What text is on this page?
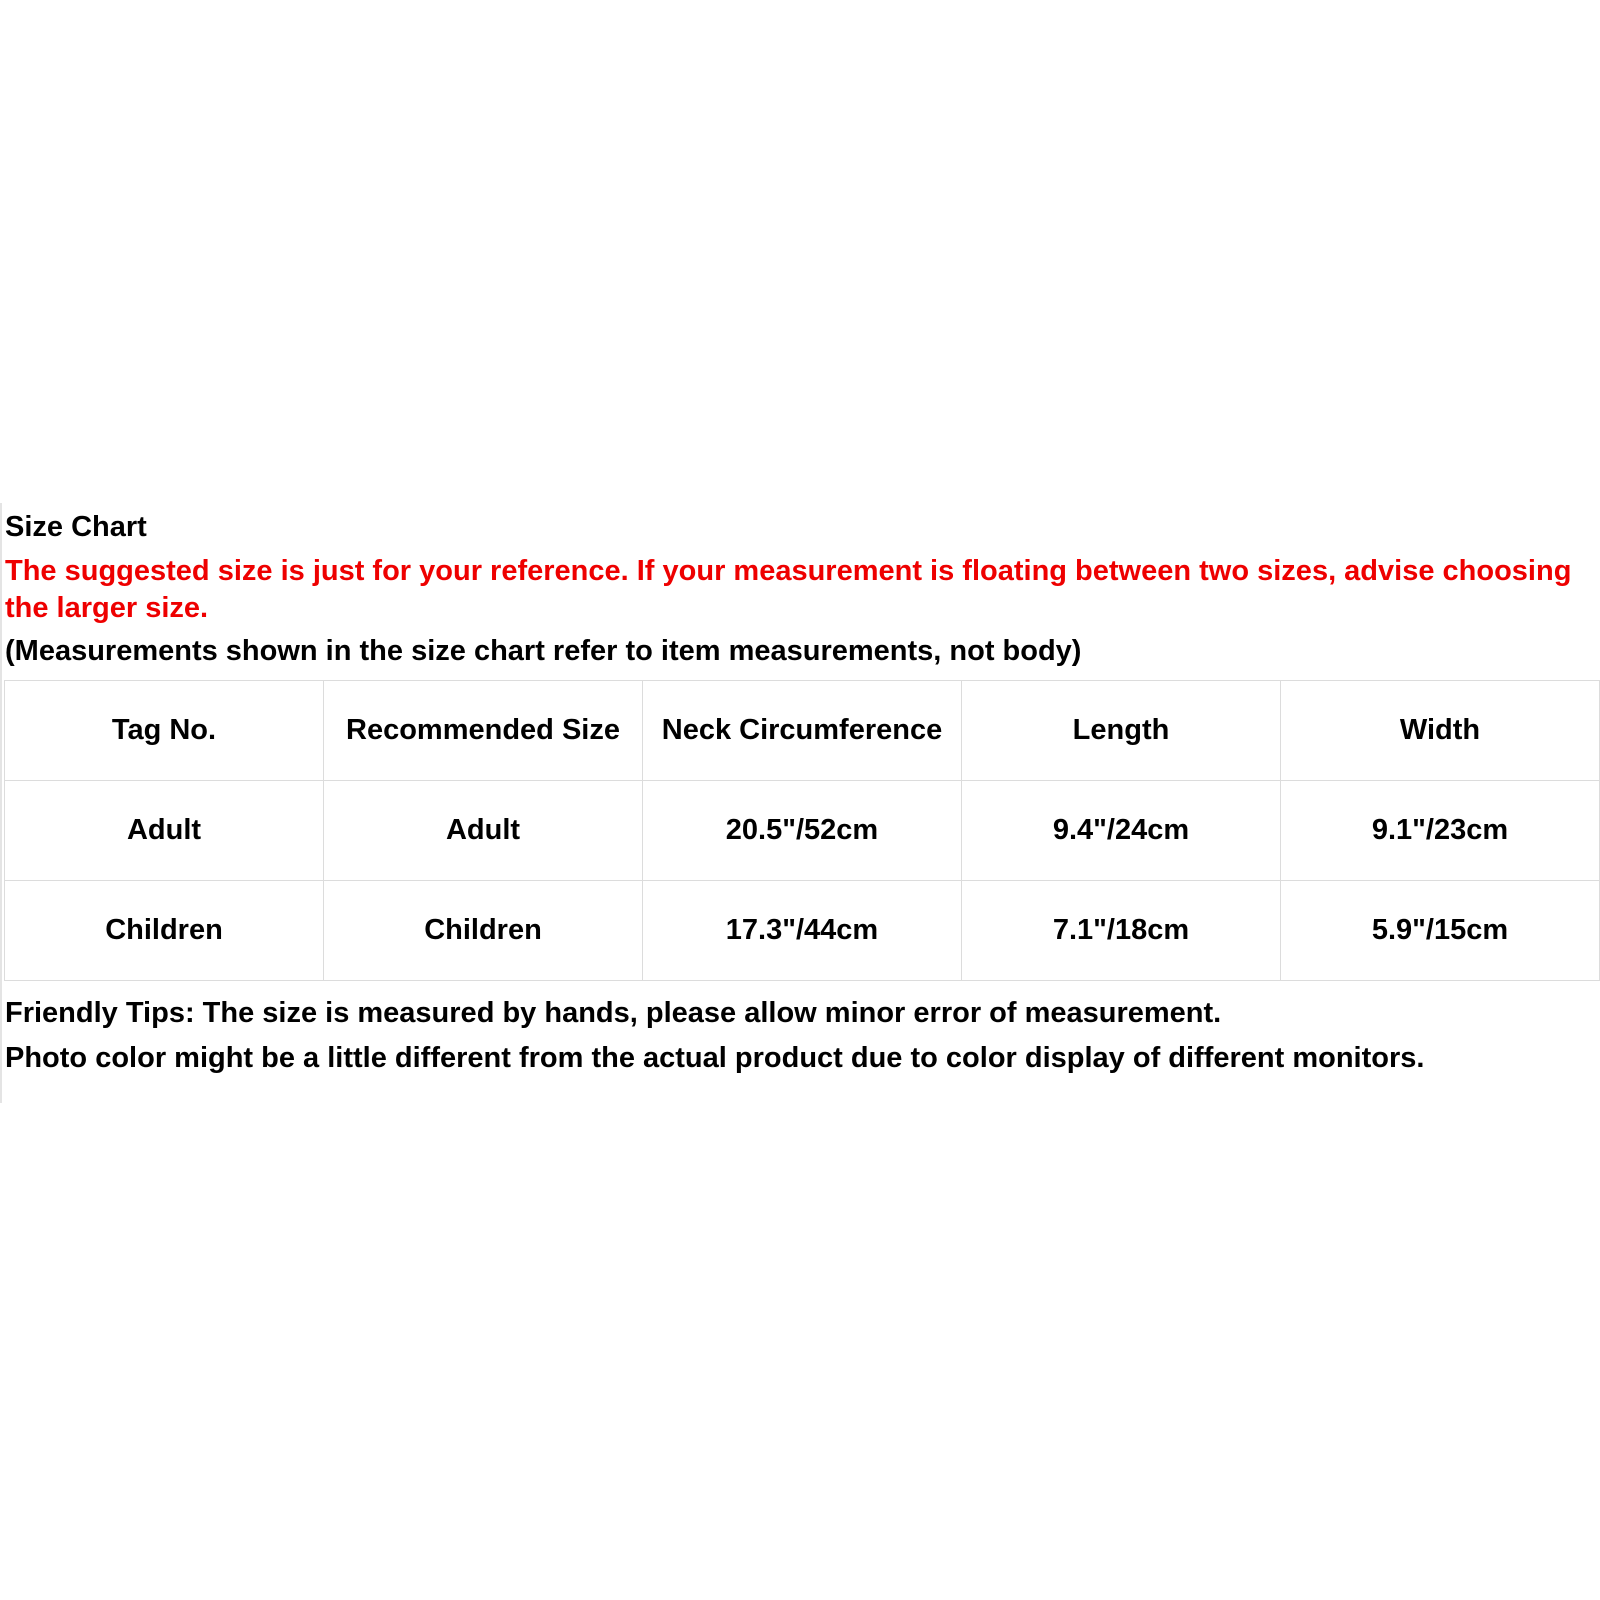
Size Chart

The suggested size is just for your reference. If your measurement is floating between two sizes, advise choosing the larger size.

(Measurements shown in the size chart refer to item measurements, not body)

Tag No.	Recommended Size	Neck Circumference	Length	Width
Adult	Adult	20.5"/52cm	9.4"/24cm	9.1"/23cm
Children	Children	17.3"/44cm	7.1"/18cm	5.9"/15cm

Friendly Tips: The size is measured by hands, please allow minor error of measurement.

Photo color might be a little different from the actual product due to color display of different monitors.
